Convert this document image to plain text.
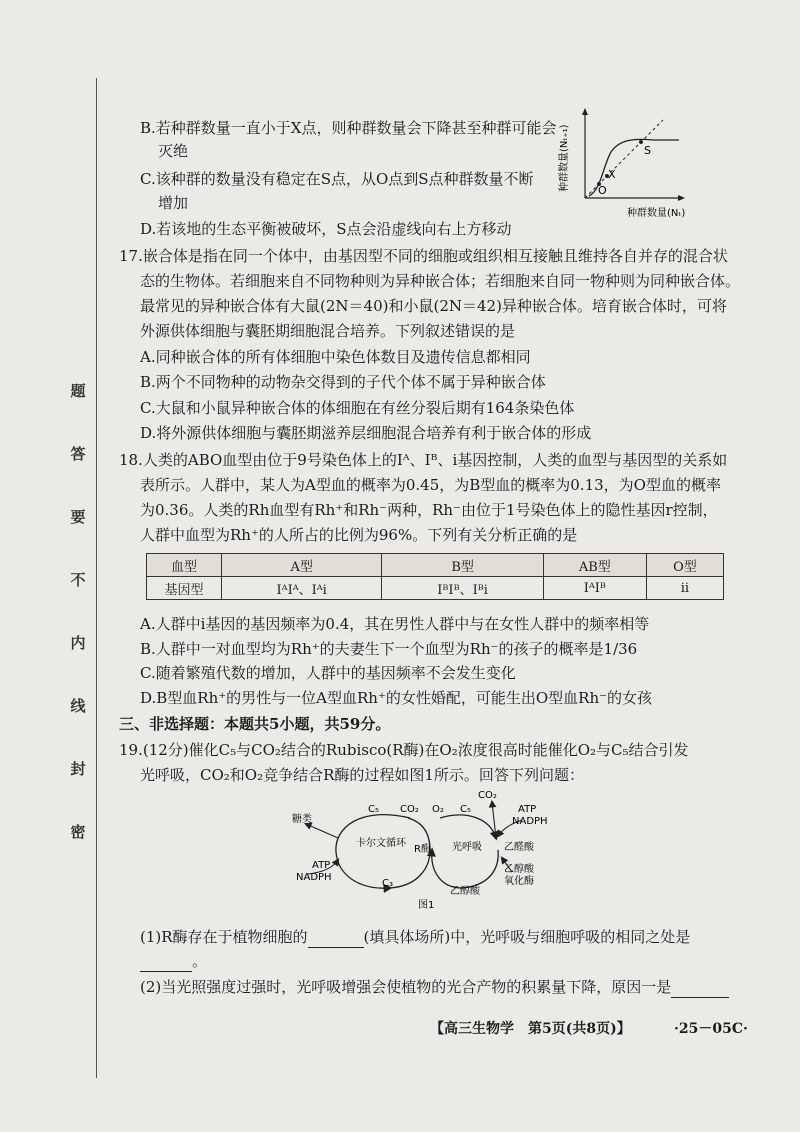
题
答
要
不
内
线
封
密
B.若种群数量一直小于X点，则种群数量会下降甚至种群可能会
灭绝
C.该种群的数量没有稳定在S点，从O点到S点种群数量不断
增加
D.若该地的生态平衡被破坏，S点会沿虚线向右上方移动
S
X
O
种群数量(Nₜ₊₁)
种群数量(Nₜ)
17.嵌合体是指在同一个体中，由基因型不同的细胞或组织相互接触且维持各自并存的混合状
态的生物体。若细胞来自不同物种则为异种嵌合体；若细胞来自同一物种则为同种嵌合体。
最常见的异种嵌合体有大鼠(2N＝40)和小鼠(2N＝42)异种嵌合体。培育嵌合体时，可将
外源供体细胞与囊胚期细胞混合培养。下列叙述错误的是
A.同种嵌合体的所有体细胞中染色体数目及遗传信息都相同
B.两个不同物种的动物杂交得到的子代个体不属于异种嵌合体
C.大鼠和小鼠异种嵌合体的体细胞在有丝分裂后期有164条染色体
D.将外源供体细胞与囊胚期滋养层细胞混合培养有利于嵌合体的形成
18.人类的ABO血型由位于9号染色体上的Iᴬ、Iᴮ、i基因控制，人类的血型与基因型的关系如
表所示。人群中，某人为A型血的概率为0.45，为B型血的概率为0.13，为O型血的概率
为0.36。人类的Rh血型有Rh⁺和Rh⁻两种，Rh⁻由位于1号染色体上的隐性基因r控制，
人群中血型为Rh⁺的人所占的比例为96%。下列有关分析正确的是
血型	A型	B型	AB型	O型
基因型	IᴬIᴬ、Iᴬi	IᴮIᴮ、Iᴮi	IᴬIᴮ	ii
A.人群中i基因的基因频率为0.4，其在男性人群中与在女性人群中的频率相等
B.人群中一对血型均为Rh⁺的夫妻生下一个血型为Rh⁻的孩子的概率是1/36
C.随着繁殖代数的增加，人群中的基因频率不会发生变化
D.B型血Rh⁺的男性与一位A型血Rh⁺的女性婚配，可能生出O型血Rh⁻的女孩
三、非选择题：本题共5小题，共59分。
19.(12分)催化C₅与CO₂结合的Rubisco(R酶)在O₂浓度很高时能催化O₂与C₅结合引发
光呼吸，CO₂和O₂竞争结合R酶的过程如图1所示。回答下列问题：
糖类
C₅ CO₂ O₂ C₅
CO₂
ATP
NADPH
卡尔文循环
R酶 光呼吸 乙醛酸
ATP
NADPH
C₃
乙醇酸
乙醇酸
氧化酶
图1
(1)R酶存在于植物细胞的	(填具体场所)中，光呼吸与细胞呼吸的相同之处是
。
(2)当光照强度过强时，光呼吸增强会使植物的光合产物的积累量下降，原因一是
【高三生物学　第5页(共8页)】	·25－05C·
